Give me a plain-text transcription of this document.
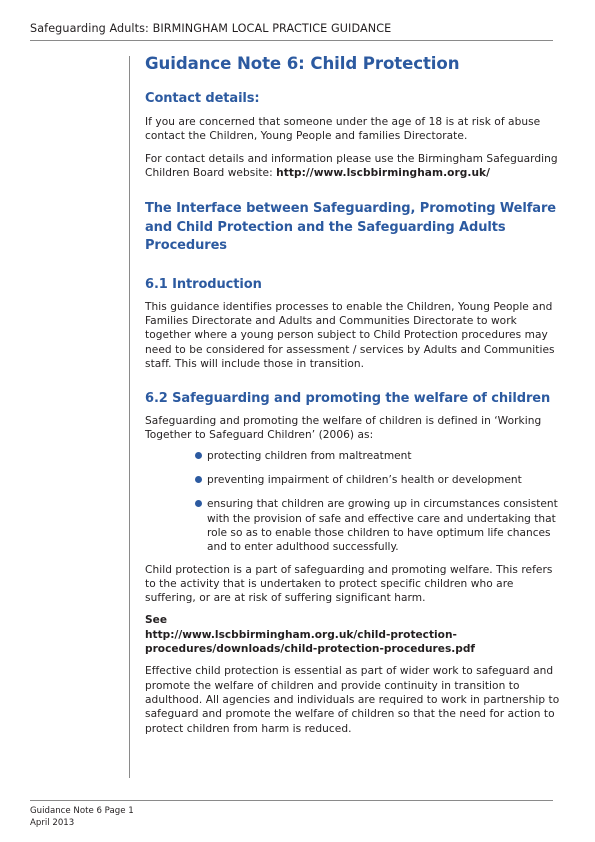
Safeguarding Adults: BIRMINGHAM LOCAL PRACTICE GUIDANCE
Guidance Note 6: Child Protection
Contact details:

If you are concerned that someone under the age of 18 is at risk of abuse contact the Children, Young People and families Directorate.

For contact details and information please use the Birmingham Safeguarding Children Board website: http://www.lscbbirmingham.org.uk/

The Interface between Safeguarding, Promoting Welfare and Child Protection and the Safeguarding Adults Procedures
6.1 Introduction

This guidance identifies processes to enable the Children, Young People and Families Directorate and Adults and Communities Directorate to work together where a young person subject to Child Protection procedures may need to be considered for assessment / services by Adults and Communities staff. This will include those in transition.

6.2 Safeguarding and promoting the welfare of children

Safeguarding and promoting the welfare of children is defined in ‘Working Together to Safeguard Children’ (2006) as:

protecting children from maltreatment
preventing impairment of children’s health or development
ensuring that children are growing up in circumstances consistent with the provision of safe and effective care and undertaking that role so as to enable those children to have optimum life chances and to enter adulthood successfully.

Child protection is a part of safeguarding and promoting welfare. This refers to the activity that is undertaken to protect specific children who are suffering, or are at risk of suffering significant harm.

See
http://www.lscbbirmingham.org.uk/child-protection-procedures/downloads/child-protection-procedures.pdf

Effective child protection is essential as part of wider work to safeguard and promote the welfare of children and provide continuity in transition to adulthood. All agencies and individuals are required to work in partnership to safeguard and promote the welfare of children so that the need for action to protect children from harm is reduced.

Guidance Note 6 Page 1
April 2013
